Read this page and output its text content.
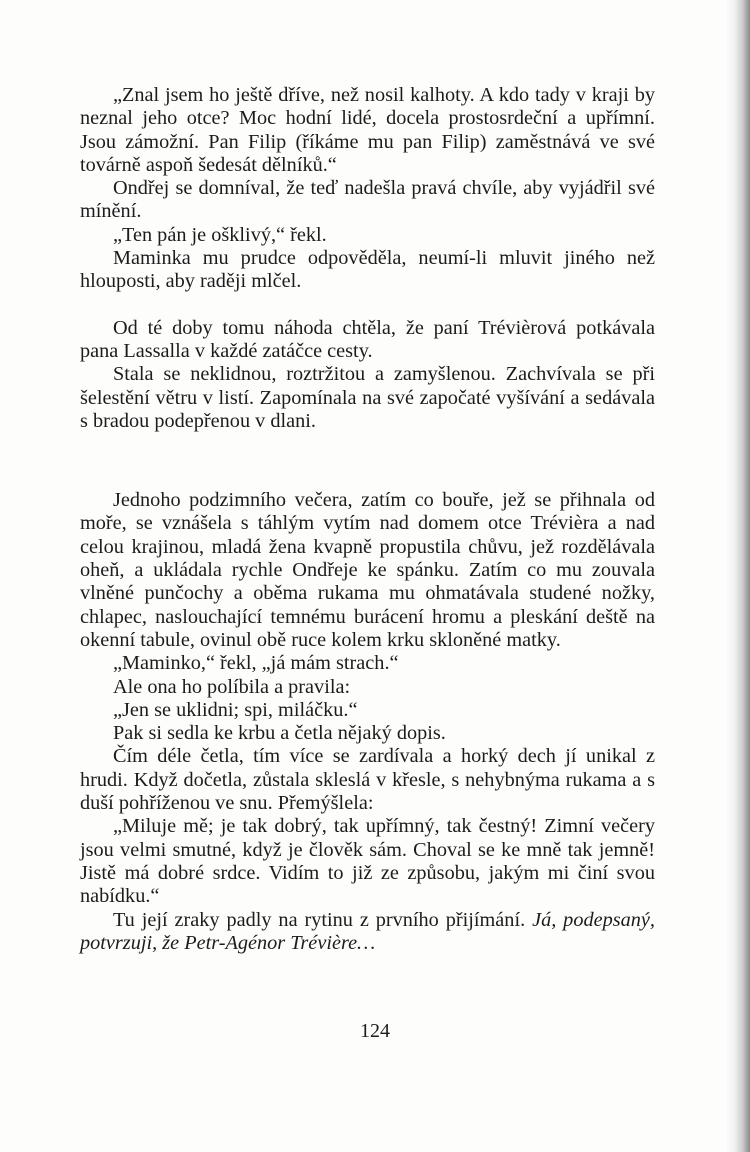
„Znal jsem ho ještě dříve, než nosil kalhoty. A kdo tady v kraji by neznal jeho otce? Moc hodní lidé, docela prostosrdeční a upřímní. Jsou zámožní. Pan Filip (říkáme mu pan Filip) zaměstnává ve své továrně aspoň šedesát dělníků.“

Ondřej se domníval, že teď nadešla pravá chvíle, aby vyjádřil své mínění.

„Ten pán je ošklivý,“ řekl.

Maminka mu prudce odpověděla, neumí-li mluvit jiného než hlouposti, aby raději mlčel.

Od té doby tomu náhoda chtěla, že paní Trévièrová potkávala pana Lassalla v každé zatáčce cesty.

Stala se neklidnou, roztržitou a zamyšlenou. Zachvívala se při šelestění větru v listí. Zapomínala na své započaté vyšívání a sedávala s bradou podepřenou v dlani.

Jednoho podzimního večera, zatím co bouře, jež se přihnala od moře, se vznášela s táhlým vytím nad domem otce Trévièra a nad celou krajinou, mladá žena kvapně propustila chůvu, jež rozdělávala oheň, a ukládala rychle Ondřeje ke spánku. Zatím co mu zouvala vlněné punčochy a oběma rukama mu ohmatávala studené nožky, chlapec, naslouchající temnému burácení hromu a pleskání deště na okenní tabule, ovinul obě ruce kolem krku skloněné matky.

„Maminko,“ řekl, „já mám strach.“

Ale ona ho políbila a pravila:

„Jen se uklidni; spi, miláčku.“

Pak si sedla ke krbu a četla nějaký dopis.

Čím déle četla, tím více se zardívala a horký dech jí unikal z hrudi. Když dočetla, zůstala skleslá v křesle, s nehybnýma rukama a s duší pohříženou ve snu. Přemýšlela:

„Miluje mě; je tak dobrý, tak upřímný, tak čestný! Zimní večery jsou velmi smutné, když je člověk sám. Choval se ke mně tak jemně! Jistě má dobré srdce. Vidím to již ze způsobu, jakým mi činí svou nabídku.“

Tu její zraky padly na rytinu z prvního přijímání. Já, podepsaný, potvrzuji, že Petr-Agénor Trévière…

124
